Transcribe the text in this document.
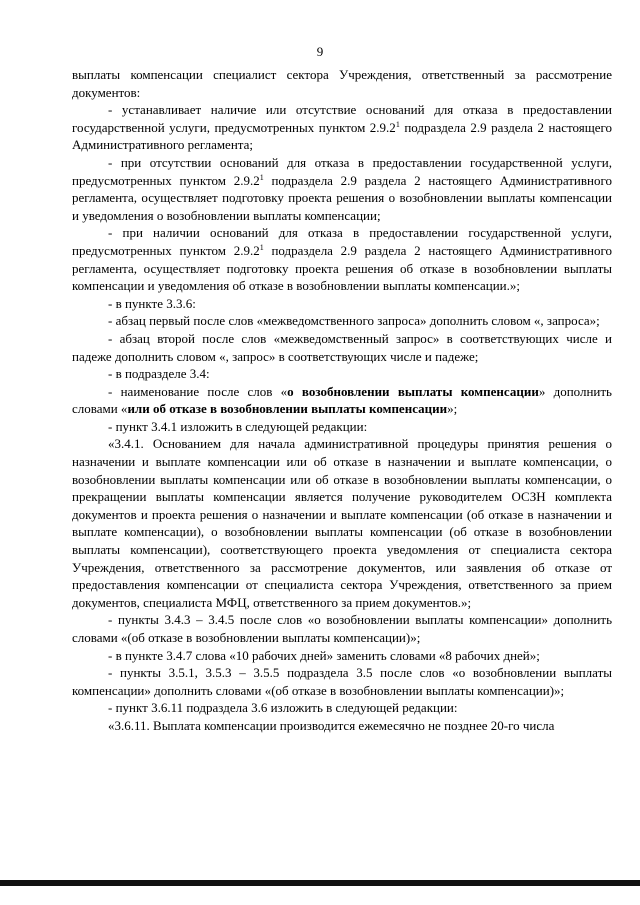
9

выплаты компенсации специалист сектора Учреждения, ответственный за рассмотрение документов:

- устанавливает наличие или отсутствие оснований для отказа в предоставлении государственной услуги, предусмотренных пунктом 2.9.2$^1$ подраздела 2.9 раздела 2 настоящего Административного регламента;

- при отсутствии оснований для отказа в предоставлении государственной услуги, предусмотренных пунктом 2.9.2$^1$ подраздела 2.9 раздела 2 настоящего Административного регламента, осуществляет подготовку проекта решения о возобновлении выплаты компенсации и уведомления о возобновлении выплаты компенсации;

- при наличии оснований для отказа в предоставлении государственной услуги, предусмотренных пунктом 2.9.2$^1$ подраздела 2.9 раздела 2 настоящего Административного регламента, осуществляет подготовку проекта решения об отказе в возобновлении выплаты компенсации и уведомления об отказе в возобновлении выплаты компенсации.»;

- в пункте 3.3.6:

- абзац первый после слов «межведомственного запроса» дополнить словом «, запроса»;

- абзац второй после слов «межведомственный запрос» в соответствующих числе и падеже дополнить словом «, запрос» в соответствующих числе и падеже;

- в подразделе 3.4:

- наименование после слов «о возобновлении выплаты компенсации» дополнить словами «или об отказе в возобновлении выплаты компенсации»;

- пункт 3.4.1 изложить в следующей редакции:

«3.4.1. Основанием для начала административной процедуры принятия решения о назначении и выплате компенсации или об отказе в назначении и выплате компенсации, о возобновлении выплаты компенсации или об отказе в возобновлении выплаты компенсации, о прекращении выплаты компенсации является получение руководителем ОСЗН комплекта документов и проекта решения о назначении и выплате компенсации (об отказе в назначении и выплате компенсации), о возобновлении выплаты компенсации (об отказе в возобновлении выплаты компенсации), соответствующего проекта уведомления от специалиста сектора Учреждения, ответственного за рассмотрение документов, или заявления об отказе от предоставления компенсации от специалиста сектора Учреждения, ответственного за прием документов, специалиста МФЦ, ответственного за прием документов.»;

- пункты 3.4.3 – 3.4.5 после слов «о возобновлении выплаты компенсации» дополнить словами «(об отказе в возобновлении выплаты компенсации)»;

- в пункте 3.4.7 слова «10 рабочих дней» заменить словами «8 рабочих дней»;

- пункты 3.5.1, 3.5.3 – 3.5.5 подраздела 3.5 после слов «о возобновлении выплаты компенсации» дополнить словами «(об отказе в возобновлении выплаты компенсации)»;

- пункт 3.6.11 подраздела 3.6 изложить в следующей редакции:

«3.6.11. Выплата компенсации производится ежемесячно не позднее 20-го числа
